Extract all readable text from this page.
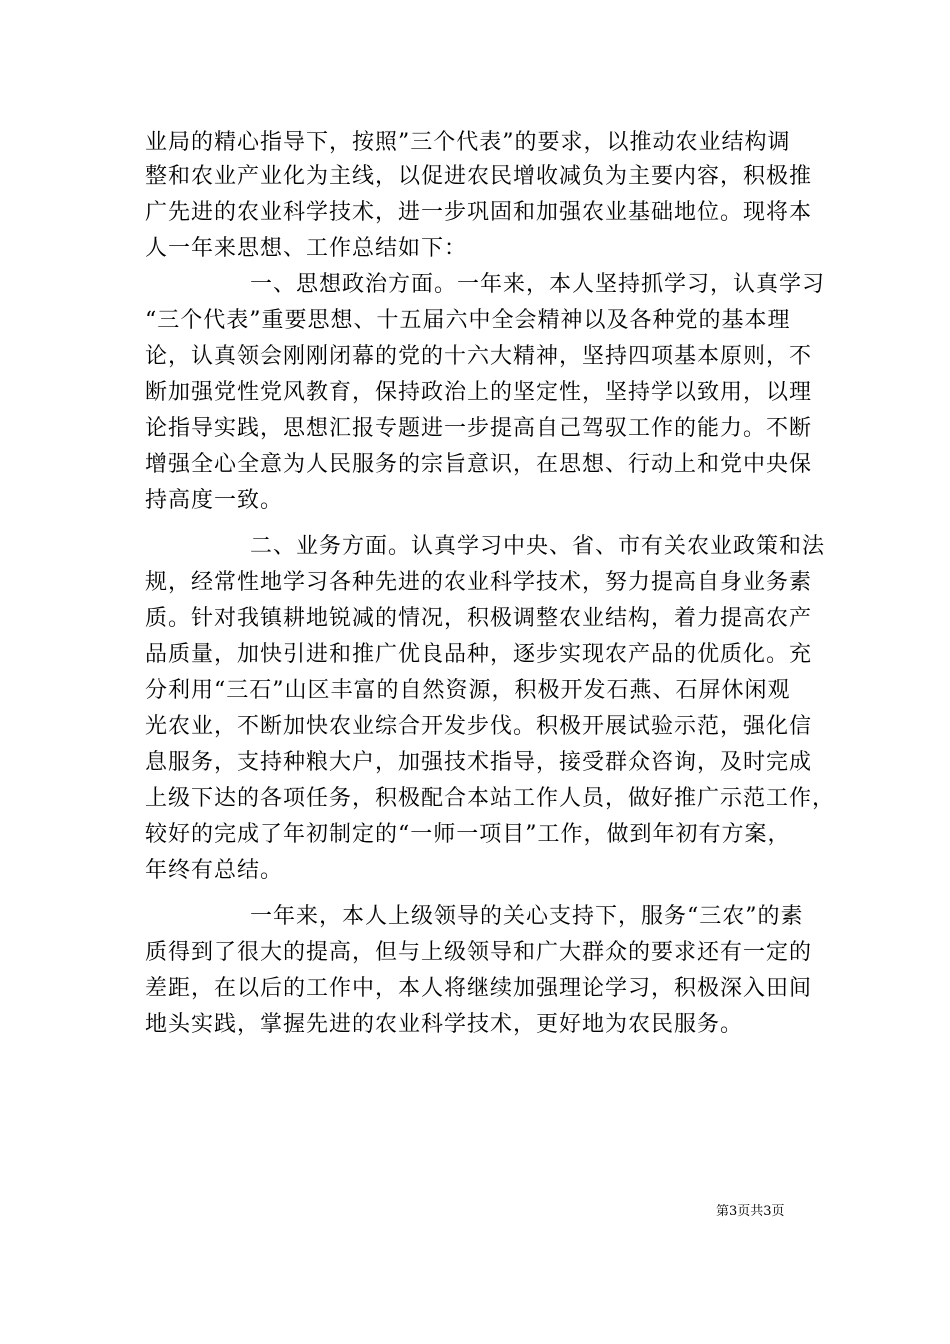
业局的精心指导下，按照”三个代表”的要求，以推动农业结构调
整和农业产业化为主线，以促进农民增收减负为主要内容，积极推
广先进的农业科学技术，进一步巩固和加强农业基础地位。现将本
人一年来思想、工作总结如下：
一、思想政治方面。一年来，本人坚持抓学习，认真学习
“三个代表”重要思想、十五届六中全会精神以及各种党的基本理
论，认真领会刚刚闭幕的党的十六大精神，坚持四项基本原则，不
断加强党性党风教育，保持政治上的坚定性，坚持学以致用，以理
论指导实践，思想汇报专题进一步提高自己驾驭工作的能力。不断
增强全心全意为人民服务的宗旨意识，在思想、行动上和党中央保
持高度一致。
二、业务方面。认真学习中央、省、市有关农业政策和法
规，经常性地学习各种先进的农业科学技术，努力提高自身业务素
质。针对我镇耕地锐减的情况，积极调整农业结构，着力提高农产
品质量，加快引进和推广优良品种，逐步实现农产品的优质化。充
分利用“三石”山区丰富的自然资源，积极开发石燕、石屏休闲观
光农业，不断加快农业综合开发步伐。积极开展试验示范，强化信
息服务，支持种粮大户，加强技术指导，接受群众咨询，及时完成
上级下达的各项任务，积极配合本站工作人员，做好推广示范工作，
较好的完成了年初制定的“一师一项目”工作，做到年初有方案，
年终有总结。
一年来，本人上级领导的关心支持下，服务“三农”的素
质得到了很大的提高，但与上级领导和广大群众的要求还有一定的
差距，在以后的工作中，本人将继续加强理论学习，积极深入田间
地头实践，掌握先进的农业科学技术，更好地为农民服务。
第3页共3页
